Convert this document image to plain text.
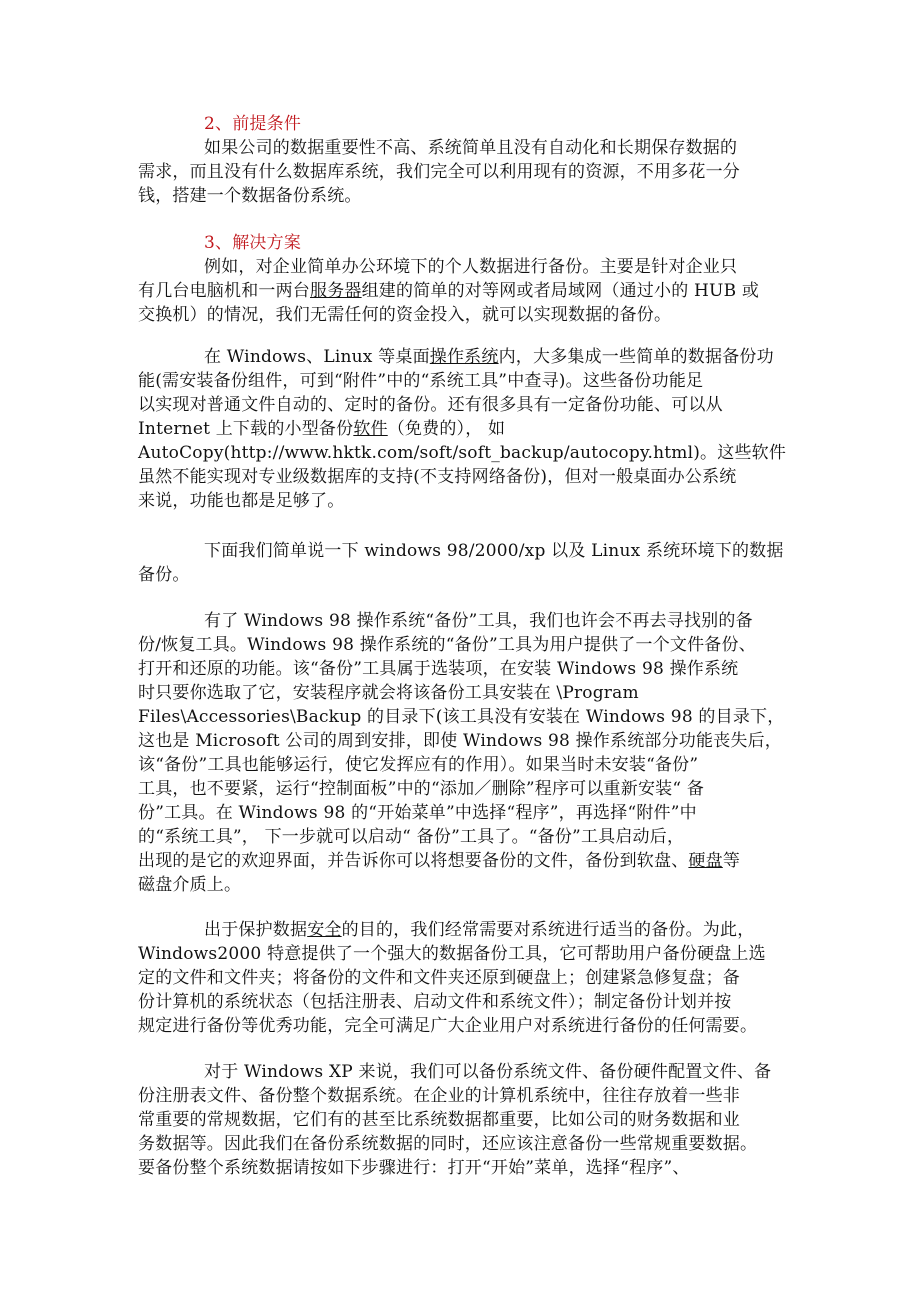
2、前提条件
如果公司的数据重要性不高、系统简单且没有自动化和长期保存数据的
需求，而且没有什么数据库系统，我们完全可以利用现有的资源，不用多花一分
钱，搭建一个数据备份系统。
3、解决方案
例如，对企业简单办公环境下的个人数据进行备份。主要是针对企业只
有几台电脑机和一两台服务器组建的简单的对等网或者局域网（通过小的 HUB 或
交换机）的情况，我们无需任何的资金投入，就可以实现数据的备份。
在 Windows、Linux 等桌面操作系统内，大多集成一些简单的数据备份功
能(需安装备份组件，可到“附件”中的“系统工具”中查寻)。这些备份功能足
以实现对普通文件自动的、定时的备份。还有很多具有一定备份功能、可以从
Internet 上下载的小型备份软件（免费的）， 如
AutoCopy(http://www.hktk.com/soft/soft_backup/autocopy.html)。这些软件
虽然不能实现对专业级数据库的支持(不支持网络备份)，但对一般桌面办公系统
来说，功能也都是足够了。
下面我们简单说一下 windows 98/2000/xp 以及 Linux 系统环境下的数据
备份。
有了 Windows 98 操作系统“备份”工具，我们也许会不再去寻找别的备
份/恢复工具。Windows 98 操作系统的“备份”工具为用户提供了一个文件备份、
打开和还原的功能。该“备份”工具属于选装项，在安装 Windows 98 操作系统
时只要你选取了它，安装程序就会将该备份工具安装在 \Program
Files\Accessories\Backup 的目录下(该工具没有安装在 Windows 98 的目录下，
这也是 Microsoft 公司的周到安排，即使 Windows 98 操作系统部分功能丧失后，
该“备份”工具也能够运行，使它发挥应有的作用）。如果当时未安装“备份”
工具，也不要紧，运行“控制面板”中的“添加／删除”程序可以重新安装“ 备
份”工具。在 Windows 98 的“开始菜单”中选择“程序”，再选择“附件”中
的“系统工具”， 下一步就可以启动“ 备份”工具了。“备份”工具启动后，
出现的是它的欢迎界面，并告诉你可以将想要备份的文件，备份到软盘、硬盘等
磁盘介质上。
出于保护数据安全的目的，我们经常需要对系统进行适当的备份。为此，
Windows2000 特意提供了一个强大的数据备份工具，它可帮助用户备份硬盘上选
定的文件和文件夹；将备份的文件和文件夹还原到硬盘上；创建紧急修复盘；备
份计算机的系统状态（包括注册表、启动文件和系统文件）；制定备份计划并按
规定进行备份等优秀功能，完全可满足广大企业用户对系统进行备份的任何需要。
对于 Windows XP 来说，我们可以备份系统文件、备份硬件配置文件、备
份注册表文件、备份整个数据系统。在企业的计算机系统中，往往存放着一些非
常重要的常规数据，它们有的甚至比系统数据都重要，比如公司的财务数据和业
务数据等。因此我们在备份系统数据的同时，还应该注意备份一些常规重要数据。
要备份整个系统数据请按如下步骤进行：打开“开始”菜单，选择“程序”、
